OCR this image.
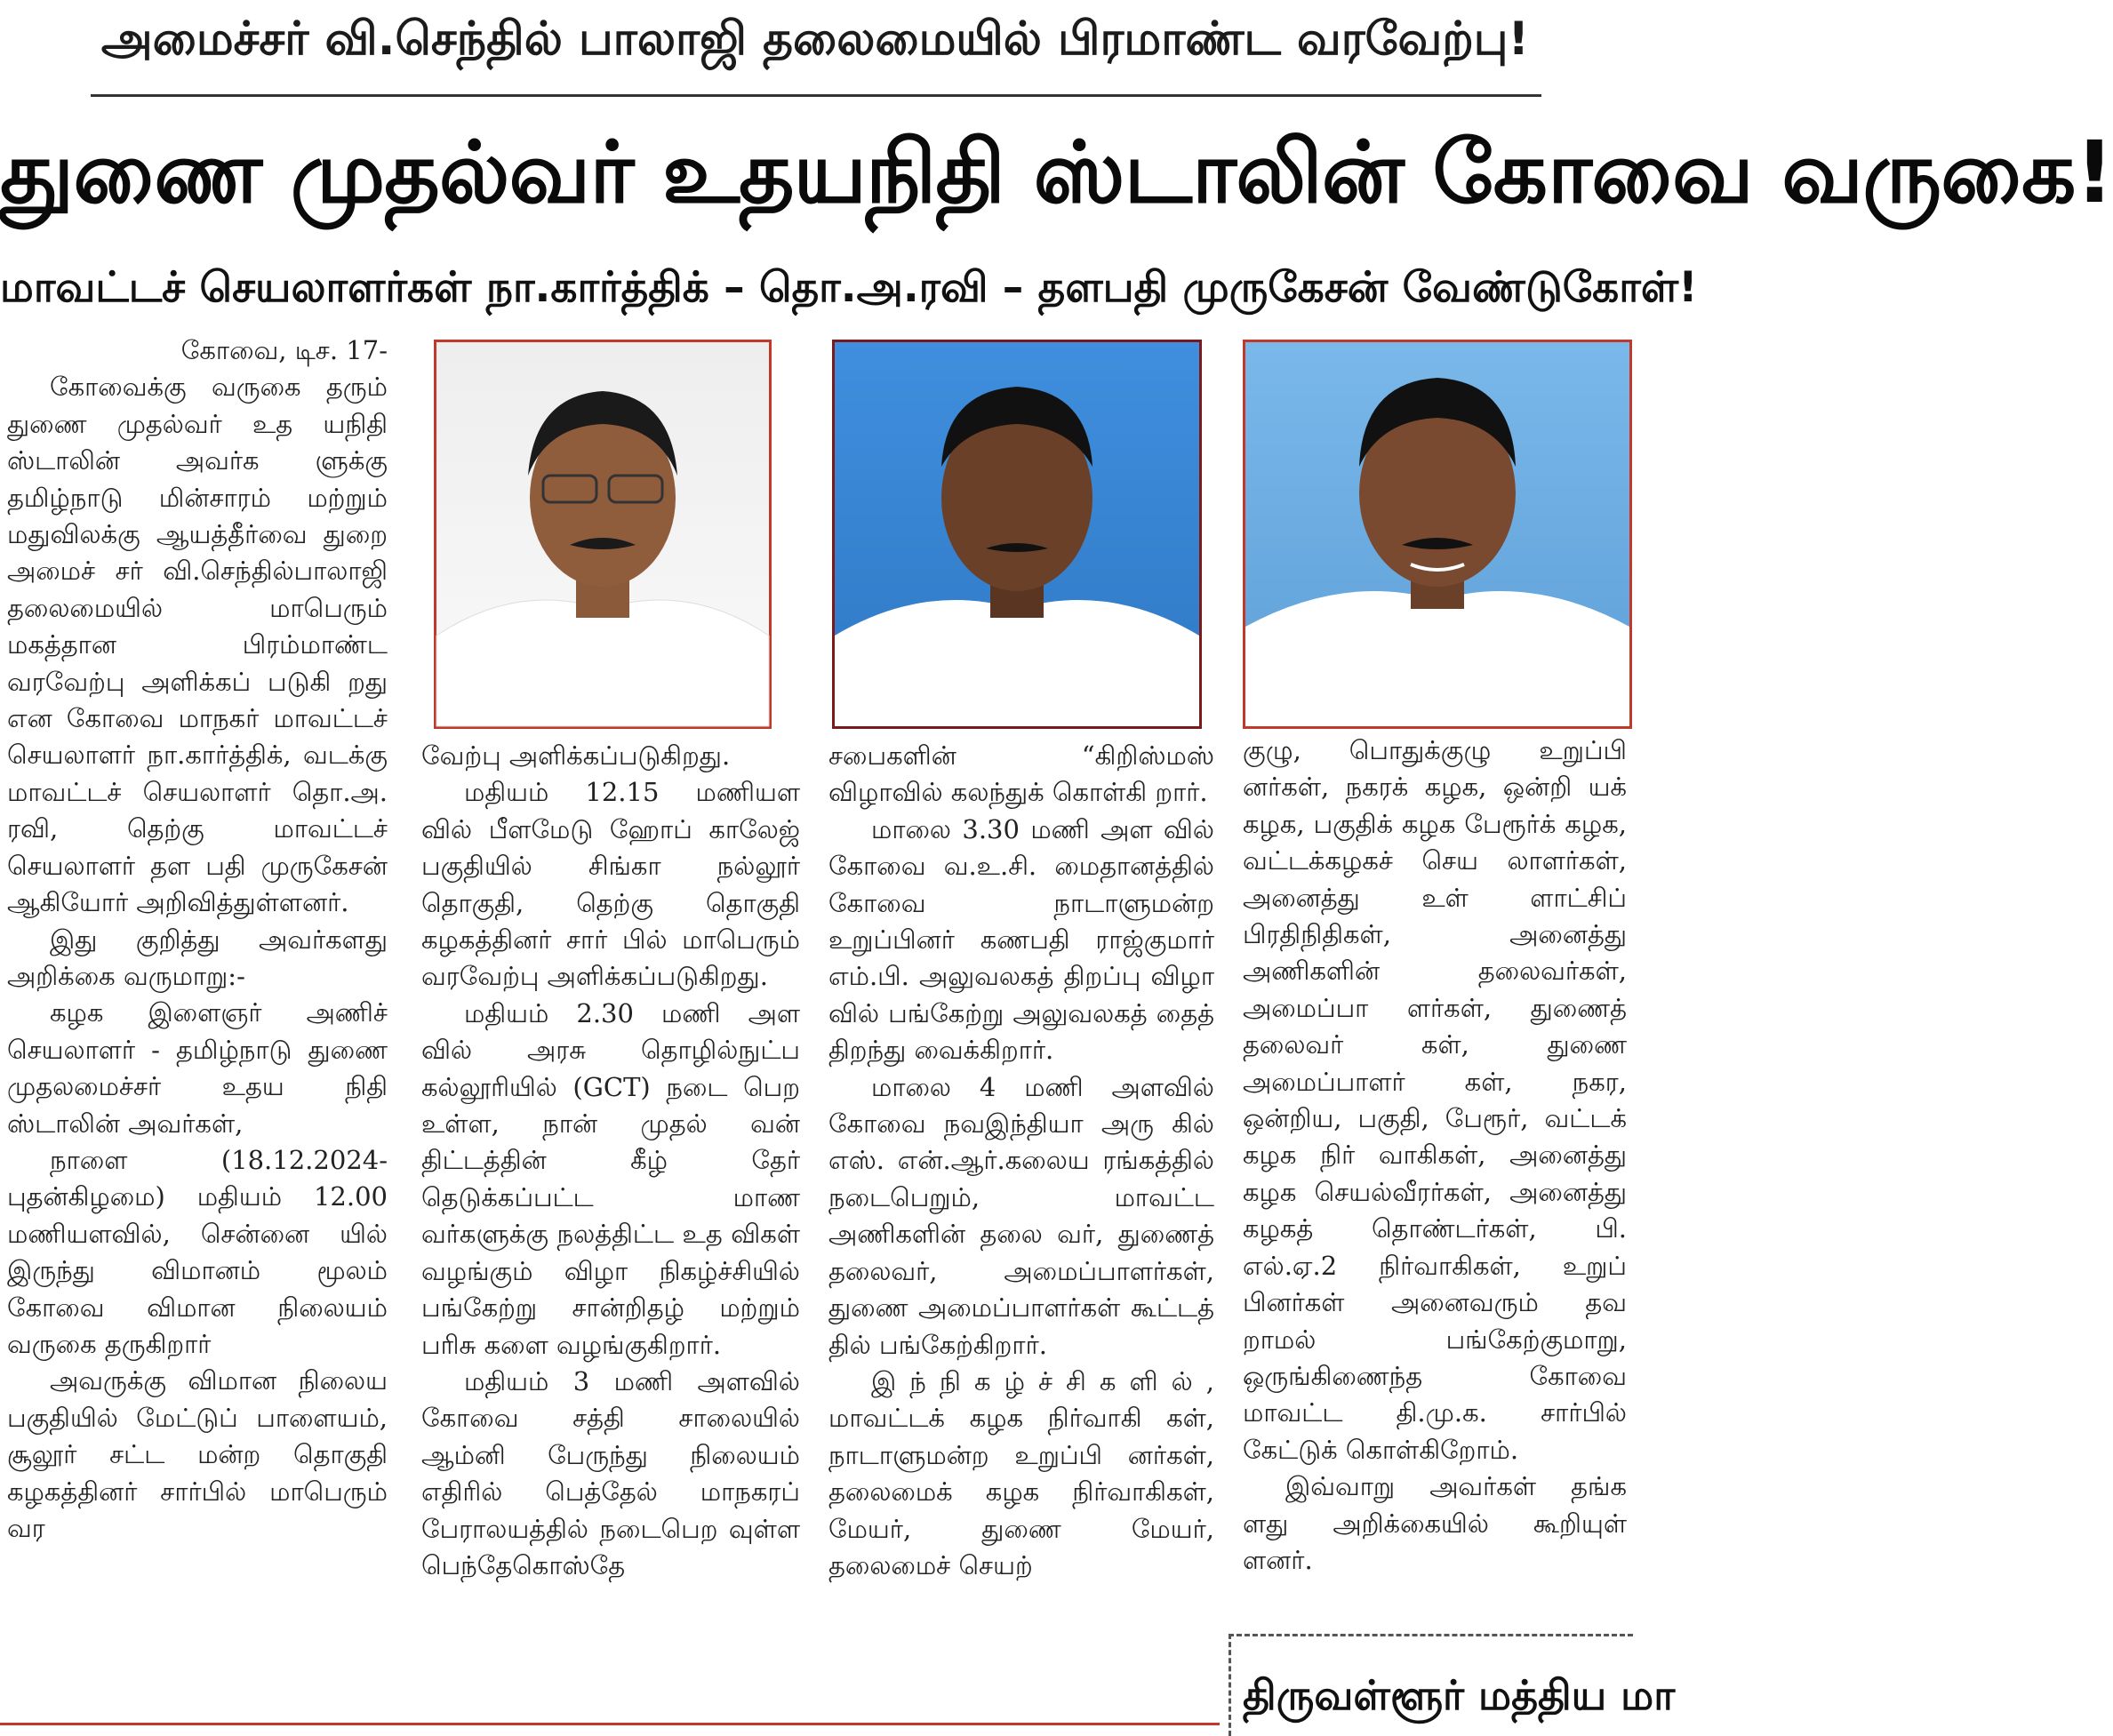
அமைச்சர் வி.செந்தில் பாலாஜி தலைமையில் பிரமாண்ட வரவேற்பு!
துணை முதல்வர் உதயநிதி ஸ்டாலின் கோவை வருகை!
மாவட்டச் செயலாளர்கள் நா.கார்த்திக் – தொ.அ.ரவி – தளபதி முருகேசன் வேண்டுகோள்!

கோவை, டிச. 17-

கோவைக்கு வருகை தரும் துணை முதல்வர் உத யநிதி ஸ்டாலின் அவர்க ளுக்கு தமிழ்நாடு மின்சாரம் மற்றும் மதுவிலக்கு ஆயத்தீர்வை துறை அமைச் சர் வி.செந்தில்பாலாஜி தலைமையில் மாபெரும் மகத்தான பிரம்மாண்ட வரவேற்பு அளிக்கப் படுகி றது என கோவை மாநகர் மாவட்டச் செயலாளர் நா.கார்த்திக், வடக்கு மாவட்டச் செயலாளர் தொ.அ. ரவி, தெற்கு மாவட்டச் செயலாளர் தள பதி முருகேசன் ஆகியோர் அறிவித்துள்ளனர்.

இது குறித்து அவர்களது அறிக்கை வருமாறு:-

கழக இளைஞர் அணிச் செயலாளர் - தமிழ்நாடு துணை முதலமைச்சர் உதய நிதி ஸ்டாலின் அவர்கள்,

நாளை (18.12.2024- புதன்கிழமை) மதியம் 12.00 மணியளவில், சென்னை யில் இருந்து விமானம் மூலம் கோவை விமான நிலையம் வருகை தருகிறார்

அவருக்கு விமான நிலைய பகுதியில் மேட்டுப் பாளையம், சூலூர் சட்ட மன்ற தொகுதி கழகத்தினர் சார்பில் மாபெரும் வர

வேற்பு அளிக்கப்படுகிறது.

மதியம் 12.15 மணியள வில் பீளமேடு ஹோப் காலேஜ் பகுதியில் சிங்கா நல்லூர் தொகுதி, தெற்கு தொகுதி கழகத்தினர் சார் பில் மாபெரும் வரவேற்பு அளிக்கப்படுகிறது.

மதியம் 2.30 மணி அள வில் அரசு தொழில்நுட்ப கல்லூரியில் (GCT) நடை பெற உள்ள, நான் முதல் வன் திட்டத்தின் கீழ் தேர் தெடுக்கப்பட்ட மாண வர்களுக்கு நலத்திட்ட உத விகள் வழங்கும் விழா நிகழ்ச்சியில் பங்கேற்று சான்றிதழ் மற்றும் பரிசு களை வழங்குகிறார்.

மதியம் 3 மணி அளவில் கோவை சத்தி சாலையில் ஆம்னி பேருந்து நிலையம் எதிரில் பெத்தேல் மாநகரப் பேராலயத்தில் நடைபெற வுள்ள பெந்தேகொஸ்தே

சபைகளின் “கிறிஸ்மஸ் விழாவில் கலந்துக் கொள்கி றார்.

மாலை 3.30 மணி அள வில் கோவை வ.உ.சி. மைதானத்தில் கோவை நாடாளுமன்ற உறுப்பினர் கணபதி ராஜ்குமார் எம்.பி. அலுவலகத் திறப்பு விழா வில் பங்கேற்று அலுவலகத் தைத் திறந்து வைக்கிறார்.

மாலை 4 மணி அளவில் கோவை நவஇந்தியா அரு கில் எஸ். என்.ஆர்.கலைய ரங்கத்தில் நடைபெறும், மாவட்ட அணிகளின் தலை வர், துணைத் தலைவர், அமைப்பாளர்கள், துணை அமைப்பாளர்கள் கூட்டத் தில் பங்கேற்கிறார்.

இ ந் நி க ழ் ச் சி க ளி ல் , மாவட்டக் கழக நிர்வாகி கள், நாடாளுமன்ற உறுப்பி னர்கள், தலைமைக் கழக நிர்வாகிகள், மேயர், துணை மேயர், தலைமைச் செயற்

குழு, பொதுக்குழு உறுப்பி னர்கள், நகரக் கழக, ஒன்றி யக் கழக, பகுதிக் கழக பேரூர்க் கழக, வட்டக்கழகச் செய லாளர்கள், அனைத்து உள் ளாட்சிப் பிரதிநிதிகள், அனைத்து அணிகளின் தலைவர்கள், அமைப்பா ளர்கள், துணைத் தலைவர் கள், துணை அமைப்பாளர் கள், நகர, ஒன்றிய, பகுதி, பேரூர், வட்டக் கழக நிர் வாகிகள், அனைத்து கழக செயல்வீரர்கள், அனைத்து கழகத் தொண்டர்கள், பி. எல்.ஏ.2 நிர்வாகிகள், உறுப் பினர்கள் அனைவரும் தவ றாமல் பங்கேற்குமாறு, ஒருங்கிணைந்த கோவை மாவட்ட தி.மு.க. சார்பில் கேட்டுக் கொள்கிறோம்.

இவ்வாறு அவர்கள் தங்க ளது அறிக்கையில் கூறியுள் ளனர்.

திருவள்ளூர் மத்திய மா
